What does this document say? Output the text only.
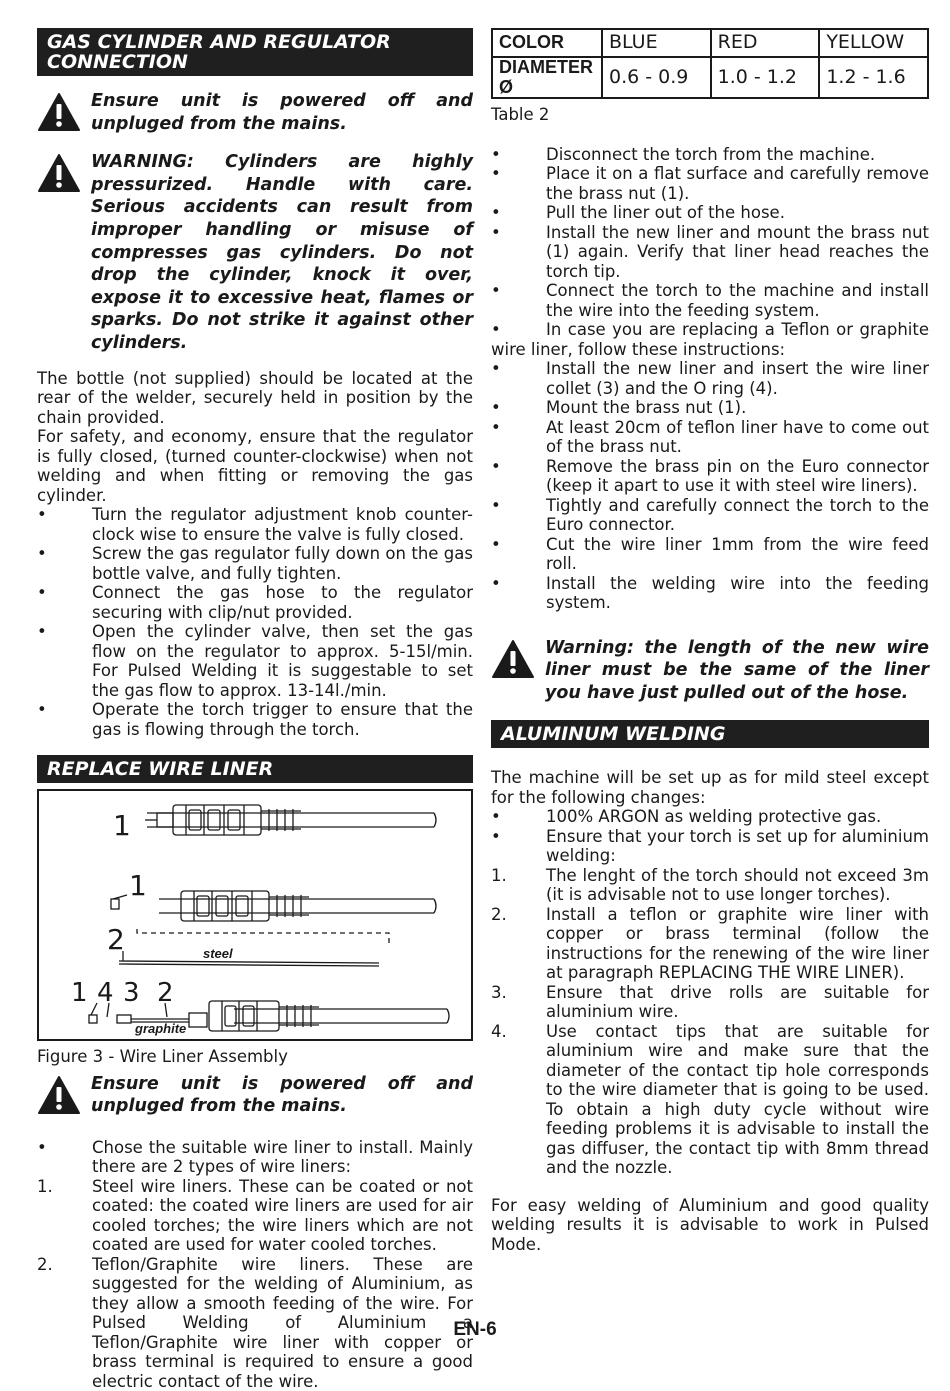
GAS CYLINDER AND REGULATOR CONNECTION
Ensure unit is powered off and unpluged from the mains.
WARNING: Cylinders are highly pressurized. Handle with care. Serious accidents can result from improper handling or misuse of compresses gas cylinders. Do not drop the cylinder, knock it over, expose it to excessive heat, flames or sparks. Do not strike it against other cylinders.

The bottle (not supplied) should be located at the rear of the welder, securely held in position by the chain provided.

For safety, and economy, ensure that the regulator is fully closed, (turned counter-clockwise) when not welding and when fitting or removing the gas cylinder.

•	Turn the regulator adjustment knob counter-clock wise to ensure the valve is fully closed.
•	Screw the gas regulator fully down on the gas bottle valve, and fully tighten.
•	Connect the gas hose to the regulator securing with clip/nut provided.
•	Open the cylinder valve, then set the gas flow on the regulator to approx. 5-15l/min. For Pulsed Welding it is suggestable to set the gas flow to approx. 13-14l./min.
•	Operate the torch trigger to ensure that the gas is flowing through the torch.
REPLACE WIRE LINER
1
1
2	steel
1 4 3 2
graphite

Figure 3 - Wire Liner Assembly

Ensure unit is powered off and unpluged from the mains.
•	Chose the suitable wire liner to install. Mainly there are 2 types of wire liners:
1.	Steel wire liners. These can be coated or not coated: the coated wire liners are used for air cooled torches; the wire liners which are not coated are used for water cooled torches.
2.	Teflon/Graphite wire liners. These are suggested for the welding of Aluminium, as they allow a smooth feeding of the wire. For Pulsed Welding of Aluminium a Teflon/Graphite wire liner with copper or brass terminal is required to ensure a good electric contact of the wire.
COLOR	BLUE	RED	YELLOW
DIAMETER Ø	0.6 - 0.9	1.0 - 1.2	1.2 - 1.6

Table 2

•	Disconnect the torch from the machine.
•	Place it on a flat surface and carefully remove the brass nut (1).
•	Pull the liner out of the hose.
•	Install the new liner and mount the brass nut (1) again. Verify that liner head reaches the torch tip.
•	Connect the torch to the machine and install the wire into the feeding system.

•	In case you are replacing a Teflon or graphite wire liner, follow these instructions:

•	Install the new liner and insert the wire liner collet (3) and the O ring (4).
•	Mount the brass nut (1).
•	At least 20cm of teflon liner have to come out of the brass nut.
•	Remove the brass pin on the Euro connector (keep it apart to use it with steel wire liners).
•	Tightly and carefully connect the torch to the Euro connector.
•	Cut the wire liner 1mm from the wire feed roll.
•	Install the welding wire into the feeding system.
Warning: the length of the new wire liner must be the same of the liner you have just pulled out of the hose.
ALUMINUM WELDING

The machine will be set up as for mild steel except for the following changes:

•	100% ARGON as welding protective gas.
•	Ensure that your torch is set up for aluminium welding:
1.	The lenght of the torch should not exceed 3m (it is advisable not to use longer torches).
2.	Install a teflon or graphite wire liner with copper or brass terminal (follow the instructions for the renewing of the wire liner at paragraph REPLACING THE WIRE LINER).
3.	Ensure that drive rolls are suitable for aluminium wire.
4.	Use contact tips that are suitable for aluminium wire and make sure that the diameter of the contact tip hole corresponds to the wire diameter that is going to be used. To obtain a high duty cycle without wire feeding problems it is advisable to install the gas diffuser, the contact tip with 8mm thread and the nozzle.

For easy welding of Aluminium and good quality welding results it is advisable to work in Pulsed Mode.

EN-6
